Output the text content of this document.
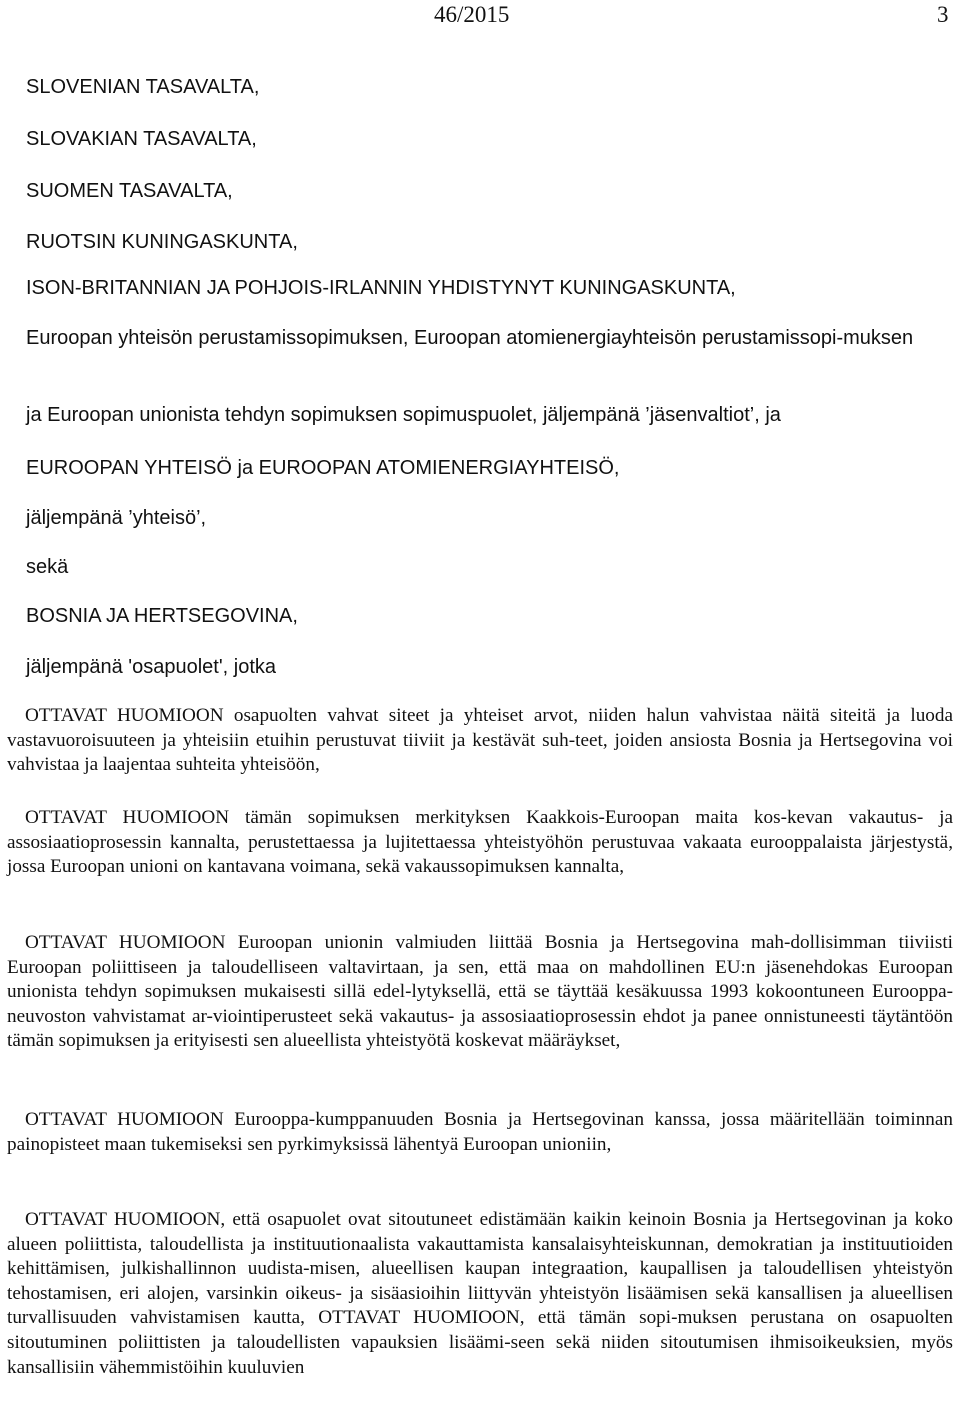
46/2015	3

SLOVENIAN TASAVALTA,

SLOVAKIAN TASAVALTA,

SUOMEN TASAVALTA,

RUOTSIN KUNINGASKUNTA,

ISON-BRITANNIAN JA POHJOIS-IRLANNIN YHDISTYNYT KUNINGASKUNTA,

Euroopan yhteisön perustamissopimuksen, Euroopan atomienergiayhteisön perustamissopi-muksen

ja Euroopan unionista tehdyn sopimuksen sopimuspuolet, jäljempänä ’jäsenvaltiot’, ja

EUROOPAN YHTEISÖ ja EUROOPAN ATOMIENERGIAYHTEISÖ,

jäljempänä ’yhteisö’,

sekä

BOSNIA JA HERTSEGOVINA,

jäljempänä 'osapuolet', jotka

OTTAVAT HUOMIOON osapuolten vahvat siteet ja yhteiset arvot, niiden halun vahvistaa näitä siteitä ja luoda vastavuoroisuuteen ja yhteisiin etuihin perustuvat tiiviit ja kestävät suh-teet, joiden ansiosta Bosnia ja Hertsegovina voi vahvistaa ja laajentaa suhteita yhteisöön,

OTTAVAT HUOMIOON tämän sopimuksen merkityksen Kaakkois-Euroopan maita kos-kevan vakautus- ja assosiaatioprosessin kannalta, perustettaessa ja lujitettaessa yhteistyöhön perustuvaa vakaata eurooppalaista järjestystä, jossa Euroopan unioni on kantavana voimana, sekä vakaussopimuksen kannalta,

OTTAVAT HUOMIOON Euroopan unionin valmiuden liittää Bosnia ja Hertsegovina mah-dollisimman tiiviisti Euroopan poliittiseen ja taloudelliseen valtavirtaan, ja sen, että maa on mahdollinen EU:n jäsenehdokas Euroopan unionista tehdyn sopimuksen mukaisesti sillä edel-lytyksellä, että se täyttää kesäkuussa 1993 kokoontuneen Eurooppa-neuvoston vahvistamat ar-viointiperusteet sekä vakautus- ja assosiaatioprosessin ehdot ja panee onnistuneesti täytäntöön tämän sopimuksen ja erityisesti sen alueellista yhteistyötä koskevat määräykset,

OTTAVAT HUOMIOON Eurooppa-kumppanuuden Bosnia ja Hertsegovinan kanssa, jossa määritellään toiminnan painopisteet maan tukemiseksi sen pyrkimyksissä lähentyä Euroopan unioniin,

OTTAVAT HUOMIOON, että osapuolet ovat sitoutuneet edistämään kaikin keinoin Bosnia ja Hertsegovinan ja koko alueen poliittista, taloudellista ja instituutionaalista vakauttamista kansalaisyhteiskunnan, demokratian ja instituutioiden kehittämisen, julkishallinnon uudista-misen, alueellisen kaupan integraation, kaupallisen ja taloudellisen yhteistyön tehostamisen, eri alojen, varsinkin oikeus- ja sisäasioihin liittyvän yhteistyön lisäämisen sekä kansallisen ja alueellisen turvallisuuden vahvistamisen kautta, OTTAVAT HUOMIOON, että tämän sopi-muksen perustana on osapuolten sitoutuminen poliittisten ja taloudellisten vapauksien lisäämi-seen sekä niiden sitoutumisen ihmisoikeuksien, myös kansallisiin vähemmistöihin kuuluvien
